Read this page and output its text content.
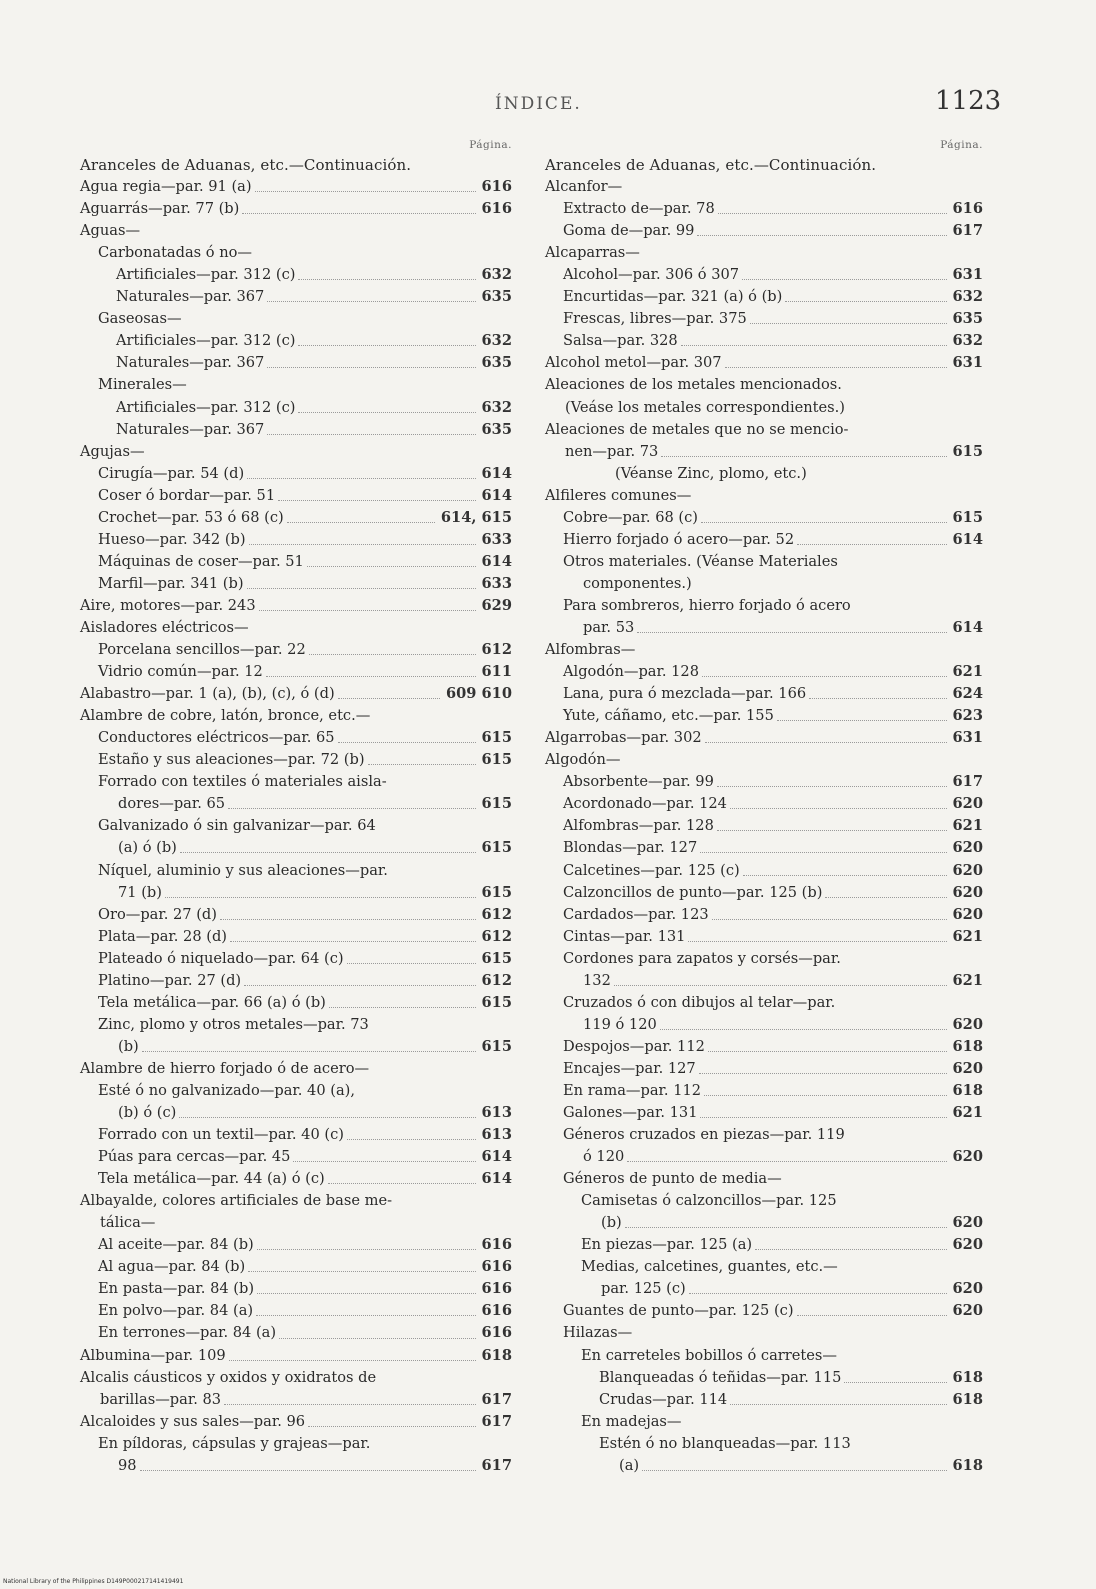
ÍNDICE.	1123
Página.
Aranceles de Aduanas, etc.—Continuación.
Agua regia—par. 91 (a)	616
Aguarrás—par. 77 (b)	616
Aguas—
Carbonatadas ó no—
Artificiales—par. 312 (c)	632
Naturales—par. 367	635
Gaseosas—
Artificiales—par. 312 (c)	632
Naturales—par. 367	635
Minerales—
Artificiales—par. 312 (c)	632
Naturales—par. 367	635
Agujas—
Cirugía—par. 54 (d)	614
Coser ó bordar—par. 51	614
Crochet—par. 53 ó 68 (c)	614, 615
Hueso—par. 342 (b)	633
Máquinas de coser—par. 51	614
Marfil—par. 341 (b)	633
Aire, motores—par. 243	629
Aisladores eléctricos—
Porcelana sencillos—par. 22	612
Vidrio común—par. 12	611
Alabastro—par. 1 (a), (b), (c), ó (d)	609 610
Alambre de cobre, latón, bronce, etc.—
Conductores eléctricos—par. 65	615
Estaño y sus aleaciones—par. 72 (b)	615
Forrado con textiles ó materiales aisla-
dores—par. 65	615
Galvanizado ó sin galvanizar—par. 64
(a) ó (b)	615
Níquel, aluminio y sus aleaciones—par.
71 (b)	615
Oro—par. 27 (d)	612
Plata—par. 28 (d)	612
Plateado ó niquelado—par. 64 (c)	615
Platino—par. 27 (d)	612
Tela metálica—par. 66 (a) ó (b)	615
Zinc, plomo y otros metales—par. 73
(b)	615
Alambre de hierro forjado ó de acero—
Esté ó no galvanizado—par. 40 (a),
(b) ó (c)	613
Forrado con un textil—par. 40 (c)	613
Púas para cercas—par. 45	614
Tela metálica—par. 44 (a) ó (c)	614
Albayalde, colores artificiales de base me-
tálica—
Al aceite—par. 84 (b)	616
Al agua—par. 84 (b)	616
En pasta—par. 84 (b)	616
En polvo—par. 84 (a)	616
En terrones—par. 84 (a)	616
Albumina—par. 109	618
Alcalis cáusticos y oxidos y oxidratos de
barillas—par. 83	617
Alcaloides y sus sales—par. 96	617
En píldoras, cápsulas y grajeas—par.
98	617
Página.
Aranceles de Aduanas, etc.—Continuación.
Alcanfor—
Extracto de—par. 78	616
Goma de—par. 99	617
Alcaparras—
Alcohol—par. 306 ó 307	631
Encurtidas—par. 321 (a) ó (b)	632
Frescas, libres—par. 375	635
Salsa—par. 328	632
Alcohol metol—par. 307	631
Aleaciones de los metales mencionados.
(Veáse los metales correspondientes.)
Aleaciones de metales que no se mencio-
nen—par. 73	615
(Véanse Zinc, plomo, etc.)
Alfileres comunes—
Cobre—par. 68 (c)	615
Hierro forjado ó acero—par. 52	614
Otros materiales. (Véanse Materiales
componentes.)
Para sombreros, hierro forjado ó acero
par. 53	614
Alfombras—
Algodón—par. 128	621
Lana, pura ó mezclada—par. 166	624
Yute, cáñamo, etc.—par. 155	623
Algarrobas—par. 302	631
Algodón—
Absorbente—par. 99	617
Acordonado—par. 124	620
Alfombras—par. 128	621
Blondas—par. 127	620
Calcetines—par. 125 (c)	620
Calzoncillos de punto—par. 125 (b)	620
Cardados—par. 123	620
Cintas—par. 131	621
Cordones para zapatos y corsés—par.
132	621
Cruzados ó con dibujos al telar—par.
119 ó 120	620
Despojos—par. 112	618
Encajes—par. 127	620
En rama—par. 112	618
Galones—par. 131	621
Géneros cruzados en piezas—par. 119
ó 120	620
Géneros de punto de media—
Camisetas ó calzoncillos—par. 125
(b)	620
En piezas—par. 125 (a)	620
Medias, calcetines, guantes, etc.—
par. 125 (c)	620
Guantes de punto—par. 125 (c)	620
Hilazas—
En carreteles bobillos ó carretes—
Blanqueadas ó teñidas—par. 115	618
Crudas—par. 114	618
En madejas—
Estén ó no blanqueadas—par. 113
(a)	618
National Library of the Philippines D149P000217141419491
